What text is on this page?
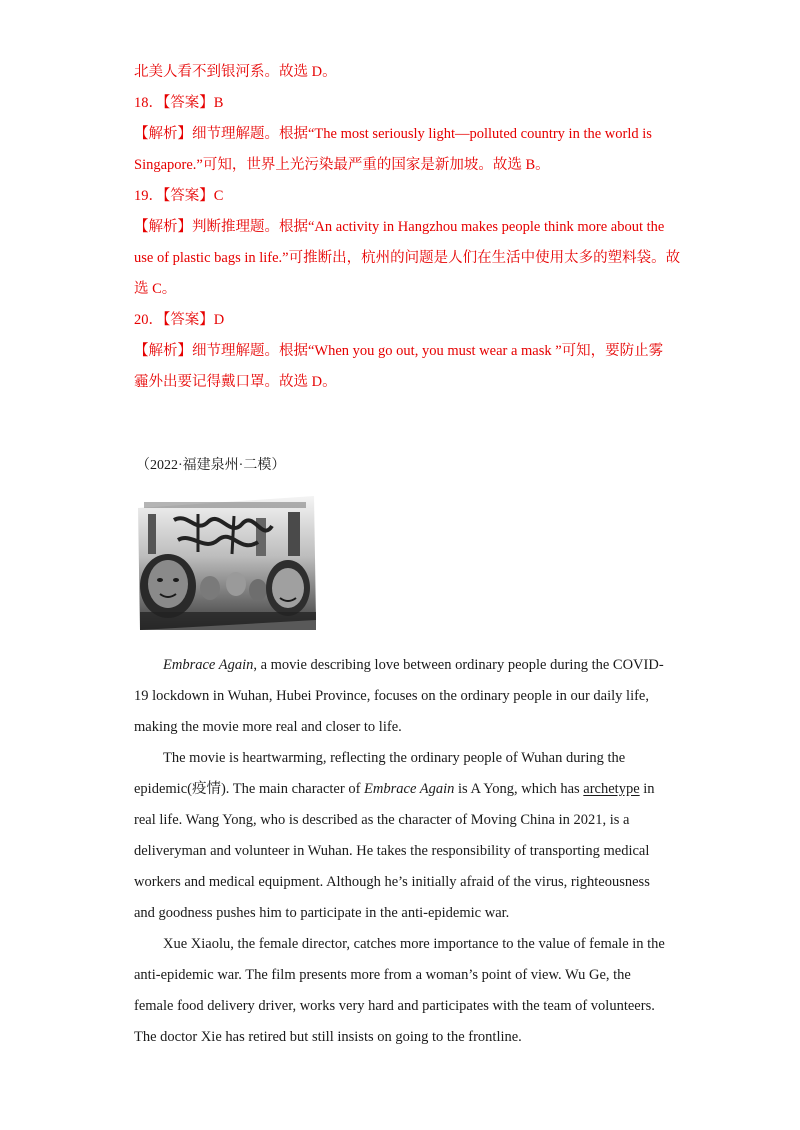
北美人看不到银河系。故选 D。
18．【答案】B
【解析】细节理解题。根据“The most seriously light—polluted country in the world is
Singapore.”可知，世界上光污染最严重的国家是新加坡。故选 B。
19．【答案】C
【解析】判断推理题。根据“An activity in Hangzhou makes people think more about the
use of plastic bags in life.”可推断出，杭州的问题是人们在生活中使用太多的塑料袋。故
选 C。
20．【答案】D
【解析】细节理解题。根据“When you go out, you must wear a mask ”可知，要防止雾
霾外出要记得戴口罩。故选 D。
（2022·福建泉州·二模）
Embrace Again, a movie describing love between ordinary people during the COVID-19 lockdown in Wuhan, Hubei Province, focuses on the ordinary people in our daily life, making the movie more real and closer to life.
The movie is heartwarming, reflecting the ordinary people of Wuhan during the epidemic(疫情). The main character of Embrace Again is A Yong, which has archetype in real life. Wang Yong, who is described as the character of Moving China in 2021, is a deliveryman and volunteer in Wuhan. He takes the responsibility of transporting medical workers and medical equipment. Although he’s initially afraid of the virus, righteousness and goodness pushes him to participate in the anti-epidemic war.
Xue Xiaolu, the female director, catches more importance to the value of female in the anti-epidemic war. The film presents more from a woman’s point of view. Wu Ge, the female food delivery driver, works very hard and participates with the team of volunteers. The doctor Xie has retired but still insists on going to the frontline.
